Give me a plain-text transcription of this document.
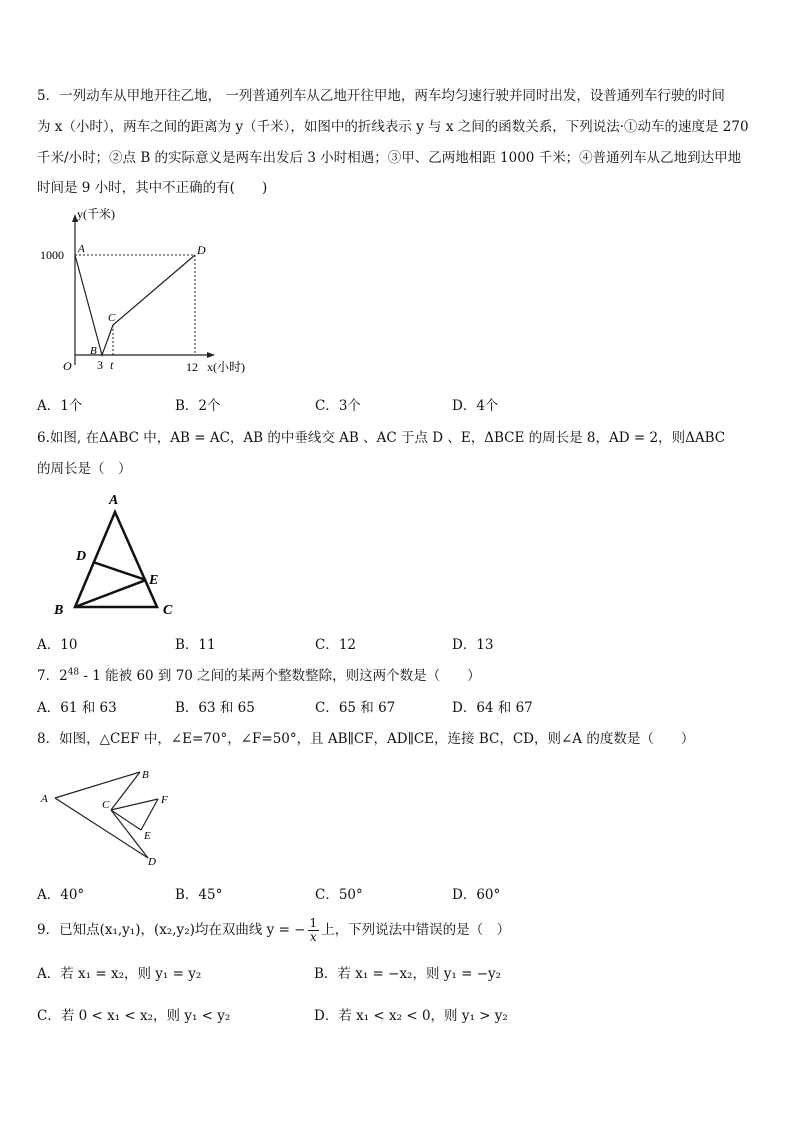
5．一列动车从甲地开往乙地， 一列普通列车从乙地开往甲地，两车均匀速行驶并同时出发，设普通列车行驶的时间
为 x（小时），两车之间的距离为 y（千米），如图中的折线表示 y 与 x 之间的函数关系，下列说法·①动车的速度是 270
千米/小时；②点 B 的实际意义是两车出发后 3 小时相遇；③甲、乙两地相距 1000 千米；④普通列车从乙地到达甲地
时间是 9 小时，其中不正确的有(　　)
y(千米)
1000 A
B
C
D
O 3 t	12 x(小时)
A．1个	B．2个	C．3个	D．4个
6.如图, 在ΔABC 中，AB = AC，AB 的中垂线交 AB 、AC 于点 D 、E，ΔBCE 的周长是 8，AD = 2，则ΔABC
的周长是（　）
A
D
E
B	C
A．10	B．11	C．12	D．13
7．$2^{48} - 1$ 能被 60 到 70 之间的某两个整数整除，则这两个数是（　　）
A．61 和 63	B．63 和 65	C．65 和 67	D．64 和 67
8．如图，△CEF 中，∠E=70°，∠F=50°，且 AB∥CF，AD∥CE，连接 BC，CD，则∠A 的度数是（　　）
A
B
C	F
E
D
A．40°	B．45°	C．50°	D．60°
9．已知点(x₁,y₁)，(x₂,y₂)均在双曲线 y = − $\frac{1}{x}$ 上，下列说法中错误的是（　）
A．若 x₁ = x₂，则 y₁ = y₂	B．若 x₁ = −x₂，则 y₁ = −y₂
C．若 0 < x₁ < x₂，则 y₁ < y₂	D．若 x₁ < x₂ < 0，则 y₁ > y₂
